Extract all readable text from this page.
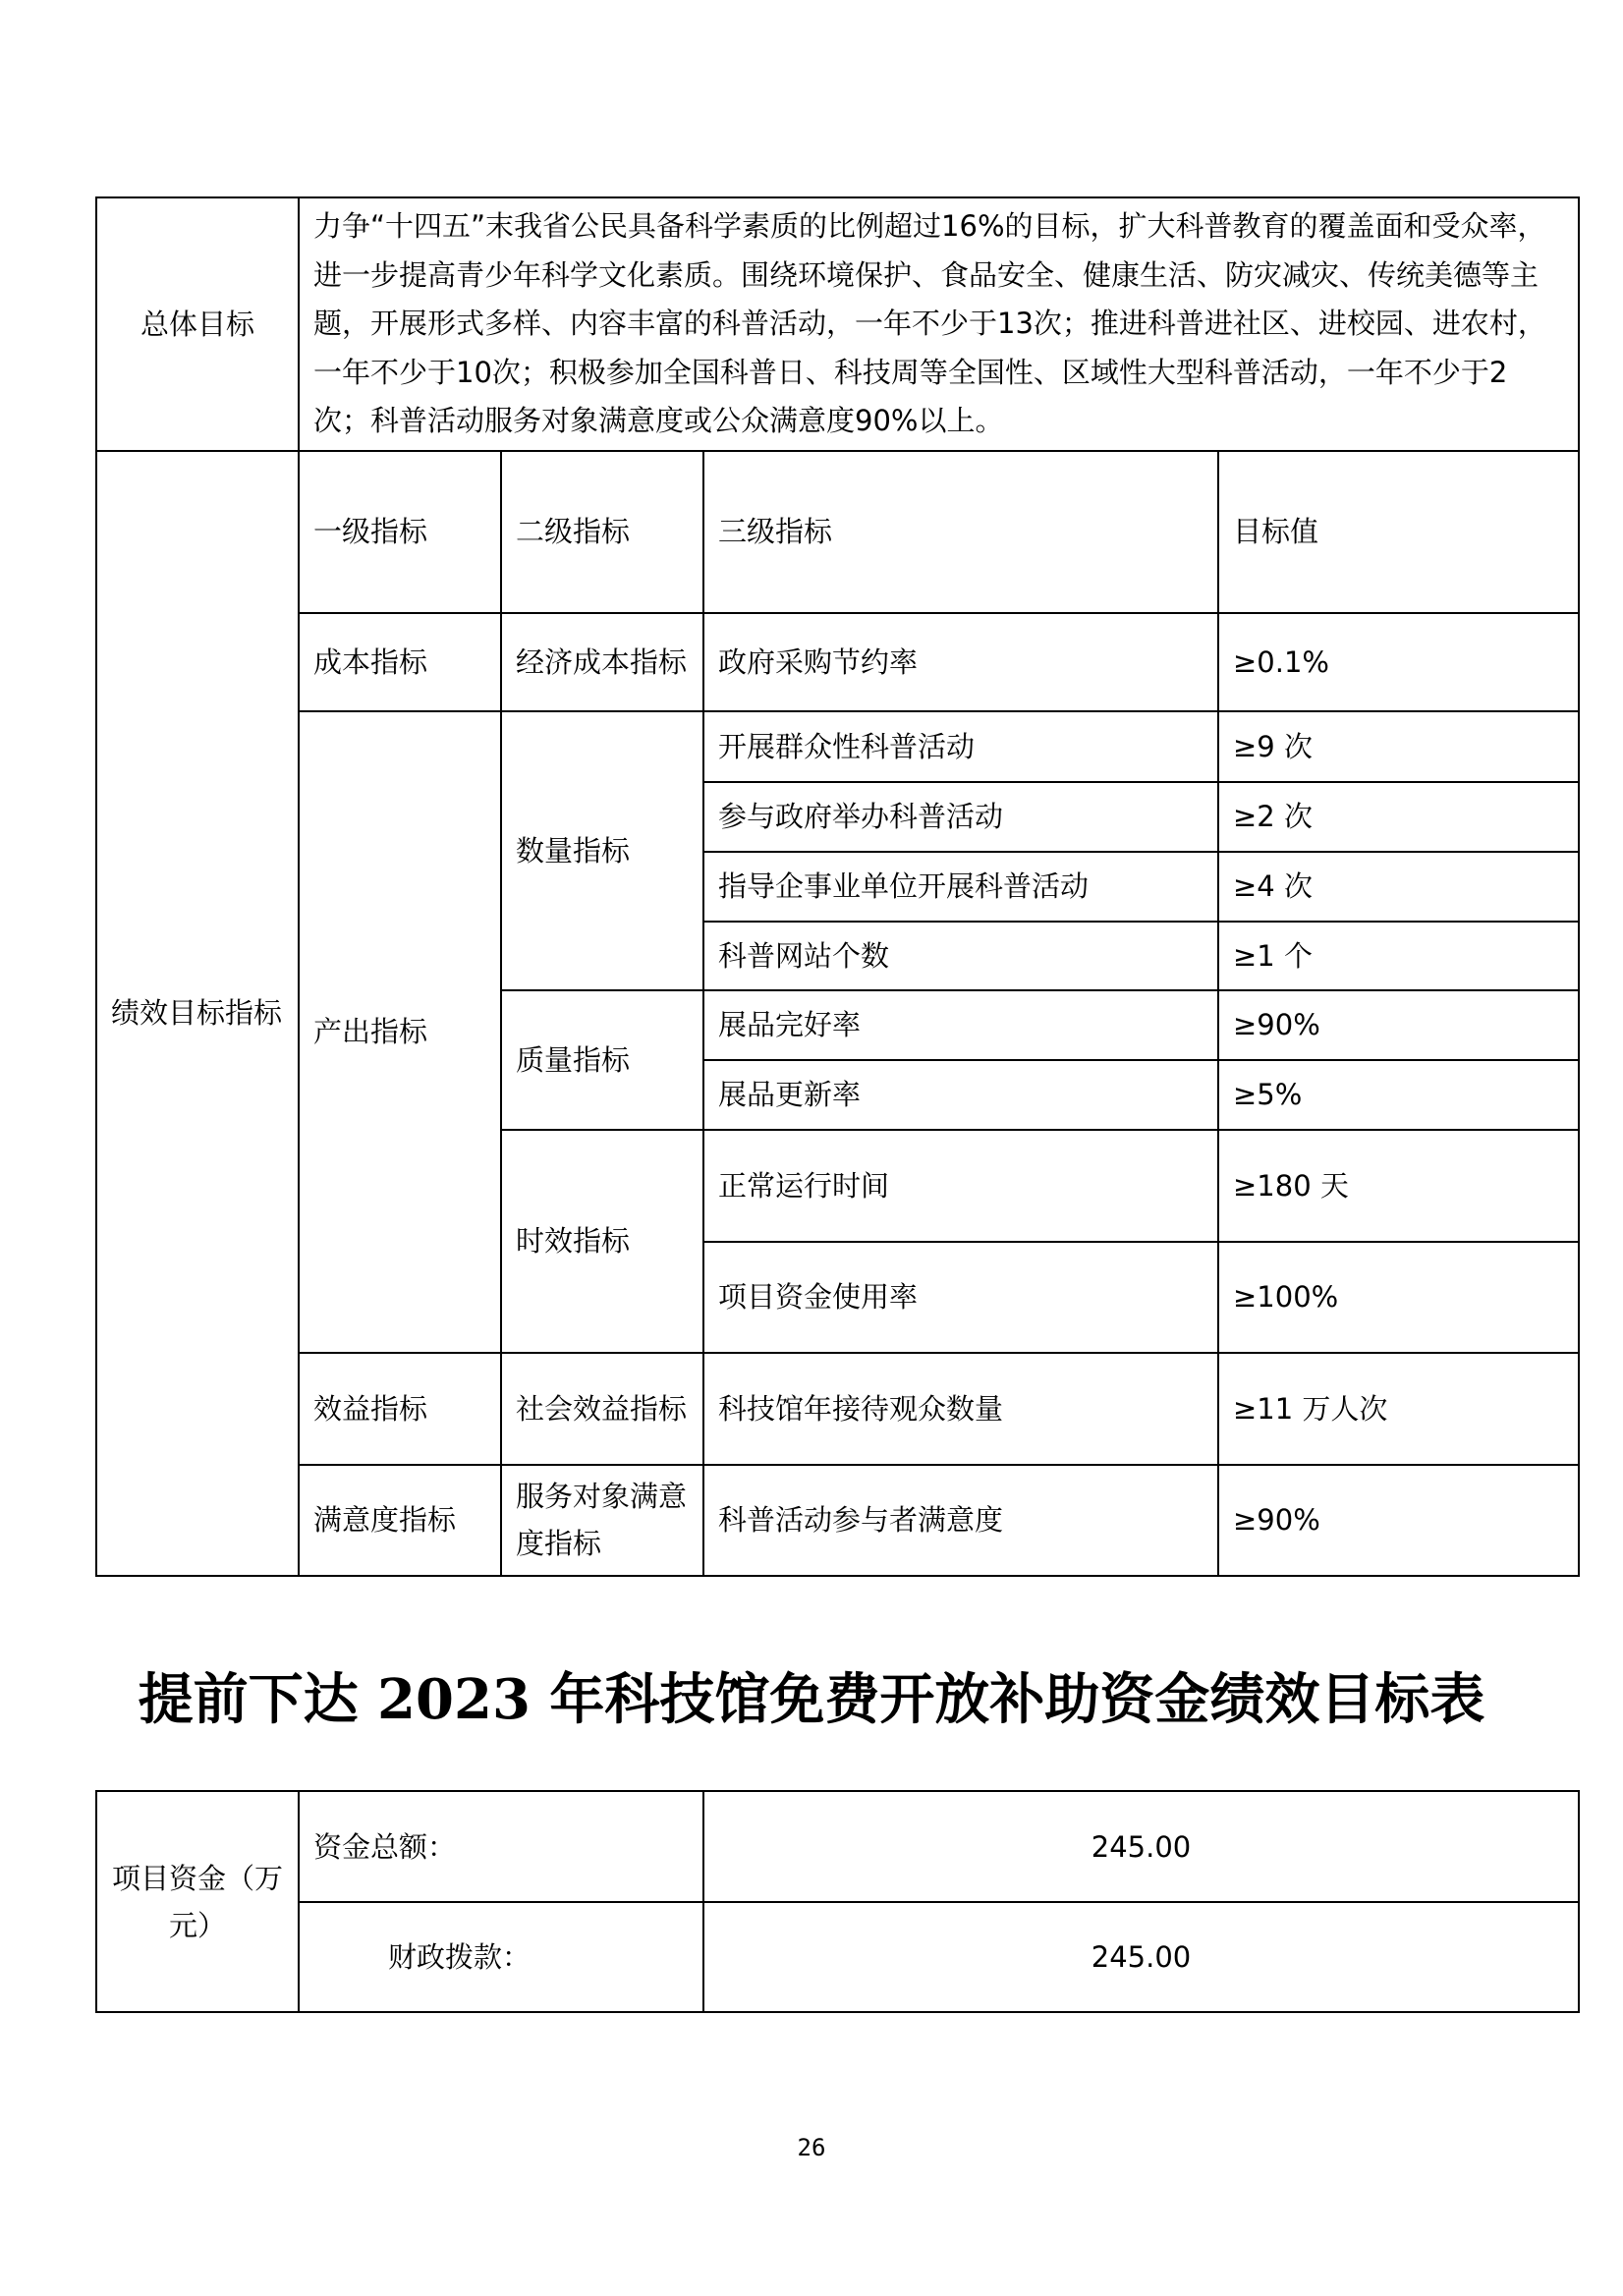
总体目标	力争“十四五”末我省公民具备科学素质的比例超过16%的目标，扩大科普教育的覆盖面和受众率，进一步提高青少年科学文化素质。围绕环境保护、食品安全、健康生活、防灾减灾、传统美德等主题，开展形式多样、内容丰富的科普活动，一年不少于13次；推进科普进社区、进校园、进农村，一年不少于10次；积极参加全国科普日、科技周等全国性、区域性大型科普活动，一年不少于2次；科普活动服务对象满意度或公众满意度90%以上。			
绩效目标指标	一级指标	二级指标	三级指标	目标值
	成本指标	经济成本指标	政府采购节约率	≥0.1%
	产出指标	数量指标	开展群众性科普活动	≥9 次
			参与政府举办科普活动	≥2 次
			指导企事业单位开展科普活动	≥4 次
			科普网站个数	≥1 个
		质量指标	展品完好率	≥90%
			展品更新率	≥5%
		时效指标	正常运行时间	≥180 天
			项目资金使用率	≥100%
	效益指标	社会效益指标	科技馆年接待观众数量	≥11 万人次
	满意度指标	服务对象满意度指标	科普活动参与者满意度	≥90%
提前下达 2023 年科技馆免费开放补助资金绩效目标表
项目资金（万元）	资金总额：	245.00
	财政拨款：	245.00
26
